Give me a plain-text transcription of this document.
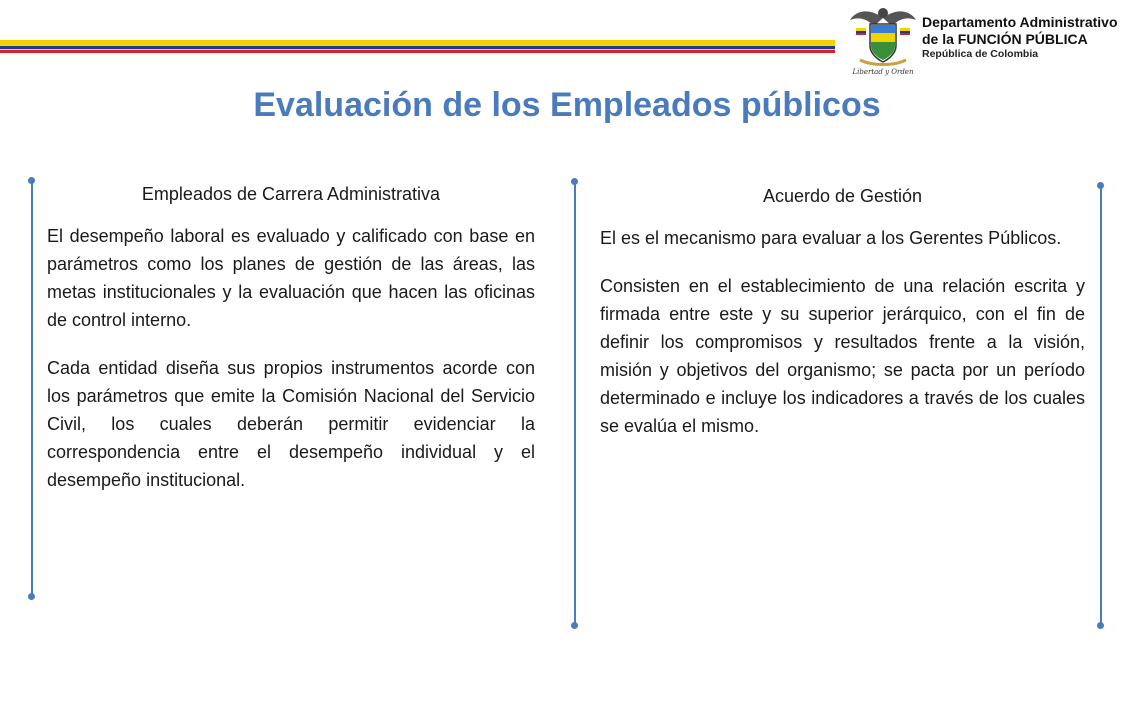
Libertad y Orden
Departamento Administrativo
de la FUNCIÓN PÚBLICA
República de Colombia
Evaluación de los Empleados públicos
Empleados de Carrera Administrativa

El desempeño laboral es evaluado y calificado con base en parámetros como los planes de gestión de las áreas, las metas institucionales y la evaluación que hacen las oficinas de control interno.

Cada entidad diseña sus propios instrumentos acorde con los parámetros que emite la Comisión Nacional del Servicio Civil, los cuales deberán permitir evidenciar la correspondencia entre el desempeño individual y el desempeño institucional.

Acuerdo de Gestión

El es el mecanismo para evaluar a los Gerentes Públicos.

Consisten en el establecimiento de una relación escrita y firmada entre este y su superior jerárquico, con el fin de definir los compromisos y resultados frente a la visión, misión y objetivos del organismo; se pacta por un período determinado e incluye los indicadores a través de los cuales se evalúa el mismo.
